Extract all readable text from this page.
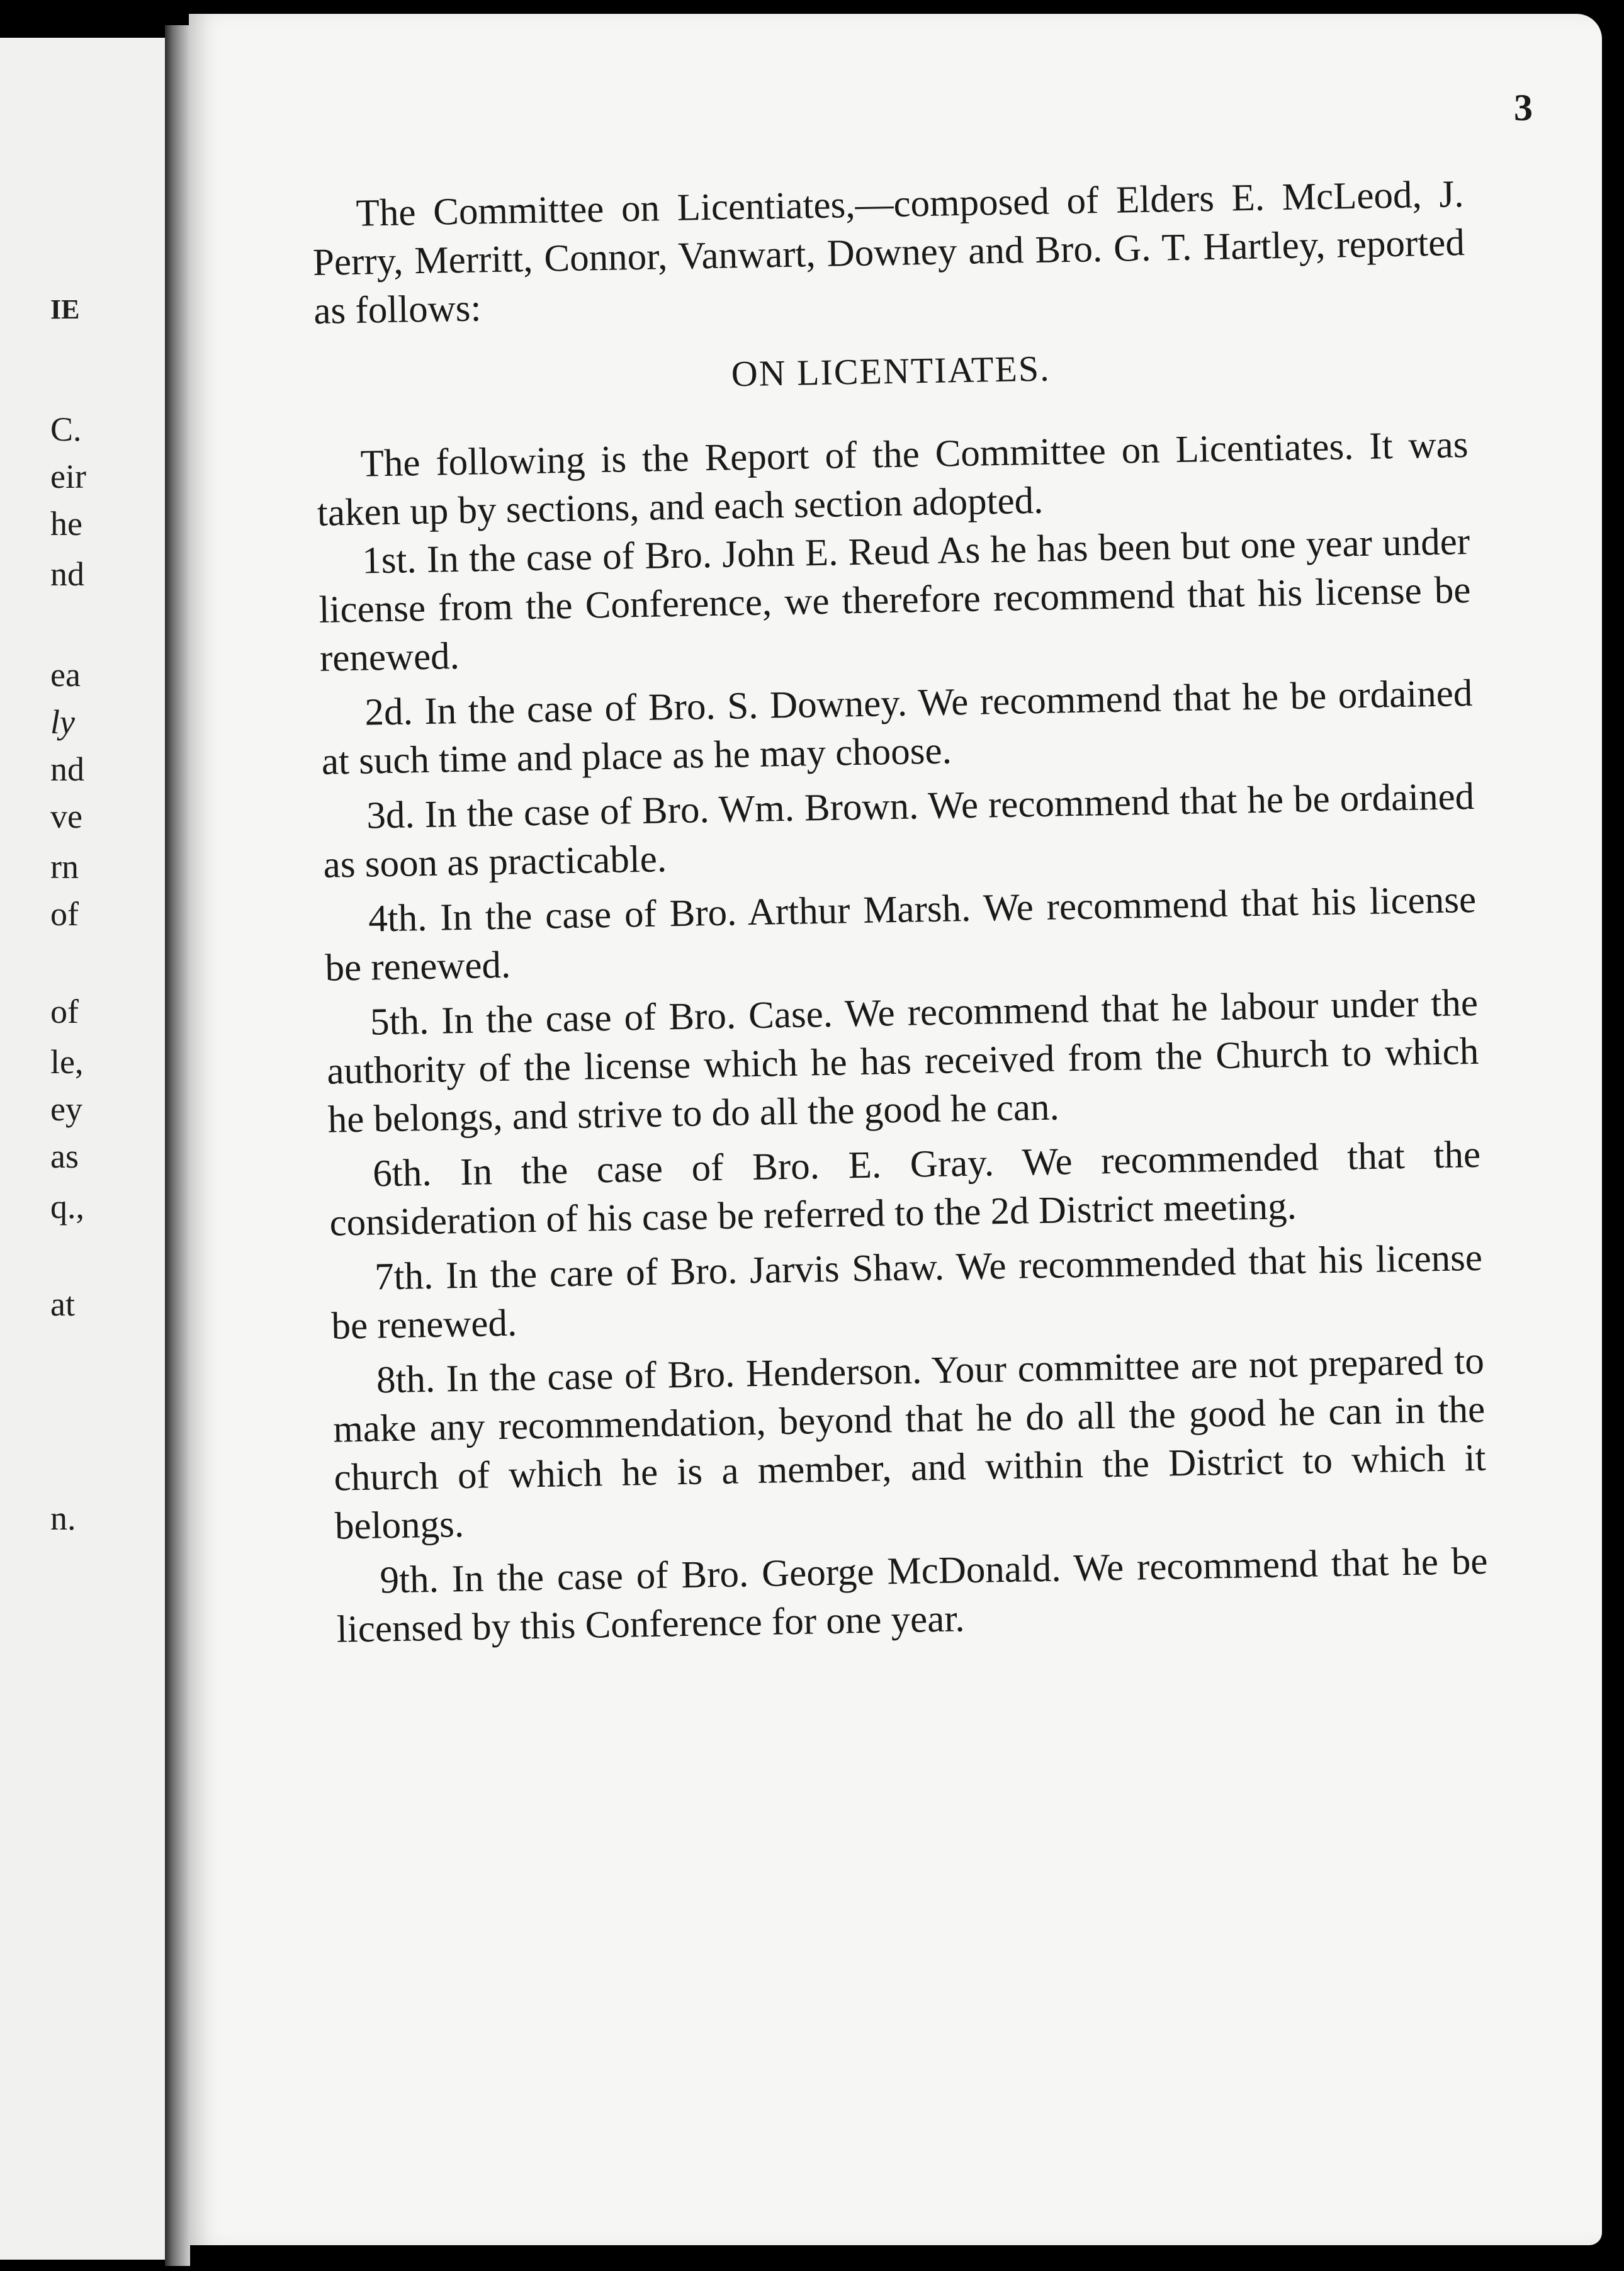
IE
C.
eir
he
nd
ea
ly
nd
ve
rn
of
of
le,
ey
as
q.,
at
n.
3

The Committee on Licentiates,—composed of Elders E. McLeod, J. Perry, Merritt, Connor, Vanwart, Downey and Bro. G. T. Hartley, reported as follows:

ON LICENTIATES.

The following is the Report of the Committee on Licentiates. It was taken up by sections, and each section adopted.

1st. In the case of Bro. John E. Reud As he has been but one year under license from the Conference, we therefore recommend that his license be renewed.

2d. In the case of Bro. S. Downey. We recommend that he be ordained at such time and place as he may choose.

3d. In the case of Bro. Wm. Brown. We recommend that he be ordained as soon as practicable.

4th. In the case of Bro. Arthur Marsh. We recommend that his license be renewed.

5th. In the case of Bro. Case. We recommend that he labour under the authority of the license which he has received from the Church to which he belongs, and strive to do all the good he can.

6th. In the case of Bro. E. Gray. We recommended that the consideration of his case be referred to the 2d District meeting.

7th. In the care of Bro. Jarvis Shaw. We recommended that his license be renewed.

8th. In the case of Bro. Henderson. Your committee are not prepared to make any recommendation, beyond that he do all the good he can in the church of which he is a member, and within the District to which it belongs.

9th. In the case of Bro. George McDonald. We recommend that he be licensed by this Conference for one year.
